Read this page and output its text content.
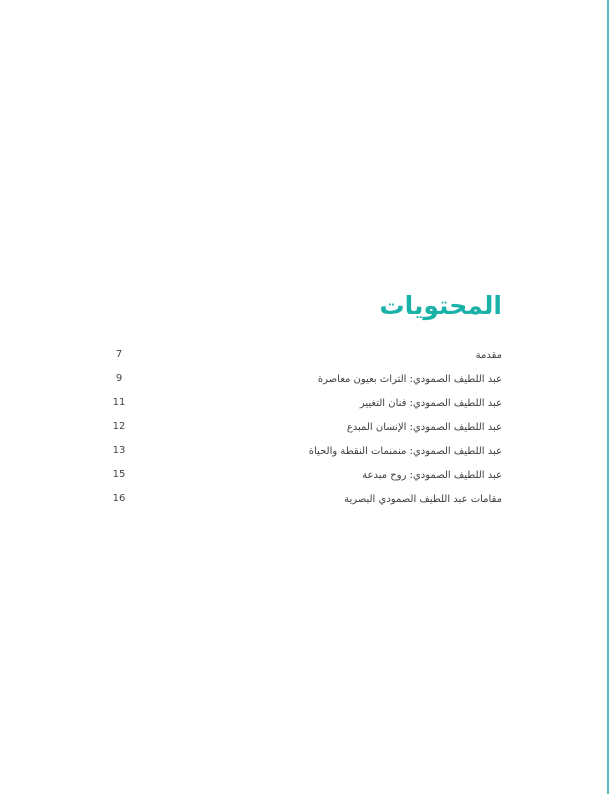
المحتويات
مقدمة
7
عبد اللطيف الصمودي: التراث بعيون معاصرة
9
عبد اللطيف الصمودي: فنان التغيير
11
عبد اللطيف الصمودي: الإنسان المبدع
12
عبد اللطيف الصمودي: منمنمات النقطة والحياة
13
عبد اللطيف الصمودي: روح مبدعة
15
مقامات عبد اللطيف الصمودي البصرية
16
